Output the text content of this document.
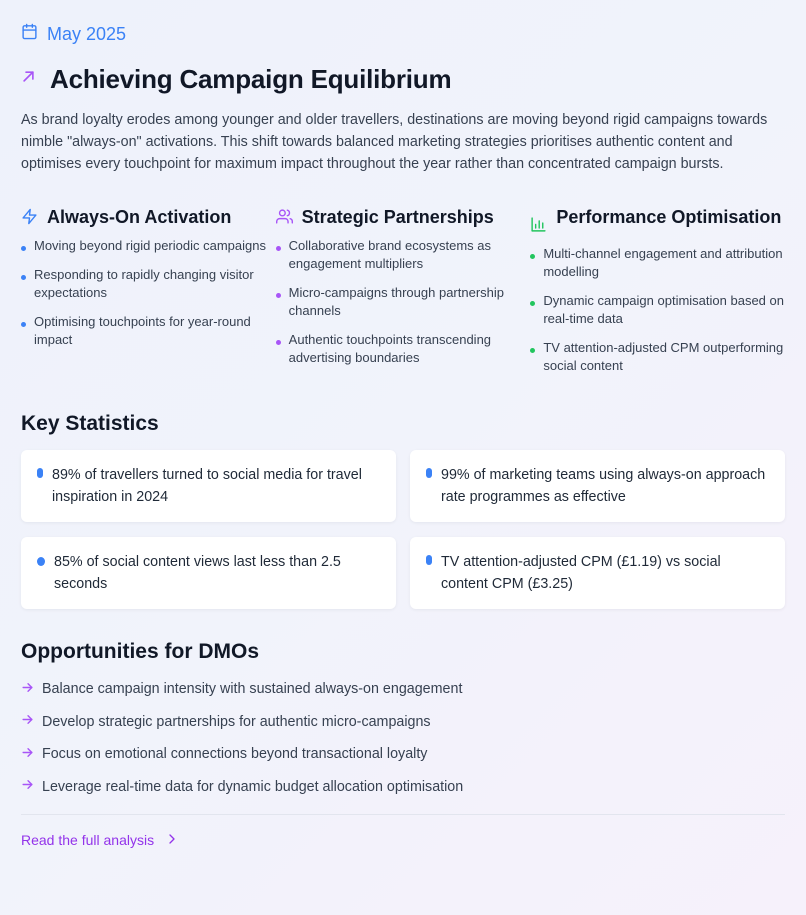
May 2025
Achieving Campaign Equilibrium

As brand loyalty erodes among younger and older travellers, destinations are moving beyond rigid campaigns towards nimble "always-on" activations. This shift towards balanced marketing strategies prioritises authentic content and optimises every touchpoint for maximum impact throughout the year rather than concentrated campaign bursts.

Always-On Activation
Moving beyond rigid periodic campaigns
Responding to rapidly changing visitor expectations
Optimising touchpoints for year-round impact
Strategic Partnerships
Collaborative brand ecosystems as engagement multipliers
Micro-campaigns through partnership channels
Authentic touchpoints transcending advertising boundaries
Performance Optimisation
Multi-channel engagement and attribution modelling
Dynamic campaign optimisation based on real-time data
TV attention-adjusted CPM outperforming social content
Key Statistics
89% of travellers turned to social media for travel inspiration in 2024
99% of marketing teams using always-on approach rate programmes as effective
85% of social content views last less than 2.5 seconds
TV attention-adjusted CPM (£1.19) vs social content CPM (£3.25)
Opportunities for DMOs
Balance campaign intensity with sustained always-on engagement
Develop strategic partnerships for authentic micro-campaigns
Focus on emotional connections beyond transactional loyalty
Leverage real-time data for dynamic budget allocation optimisation
Read the full analysis
